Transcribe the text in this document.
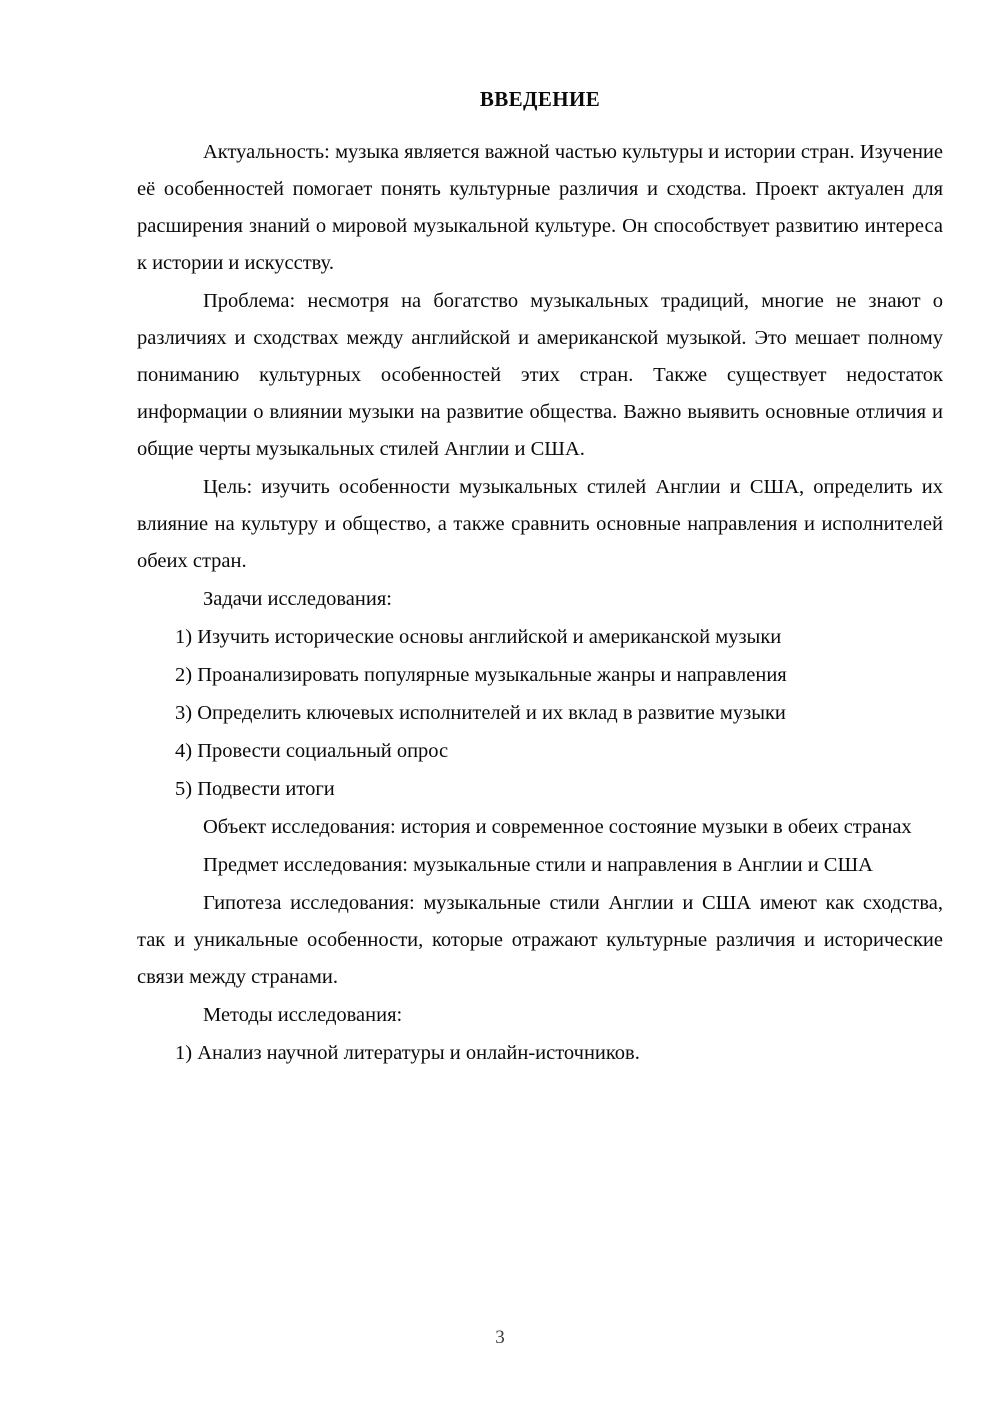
ВВЕДЕНИЕ

Актуальность: музыка является важной частью культуры и истории стран. Изучение её особенностей помогает понять культурные различия и сходства. Проект актуален для расширения знаний о мировой музыкальной культуре. Он способствует развитию интереса к истории и искусству.

Проблема: несмотря на богатство музыкальных традиций, многие не знают о различиях и сходствах между английской и американской музыкой. Это мешает полному пониманию культурных особенностей этих стран. Также существует недостаток информации о влиянии музыки на развитие общества. Важно выявить основные отличия и общие черты музыкальных стилей Англии и США.

Цель: изучить особенности музыкальных стилей Англии и США, определить их влияние на культуру и общество, а также сравнить основные направления и исполнителей обеих стран.

Задачи исследования:

1) Изучить исторические основы английской и американской музыки

2) Проанализировать популярные музыкальные жанры и направления

3) Определить ключевых исполнителей и их вклад в развитие музыки

4) Провести социальный опрос

5) Подвести итоги

Объект исследования: история и современное состояние музыки в обеих странах

Предмет исследования: музыкальные стили и направления в Англии и США

Гипотеза исследования: музыкальные стили Англии и США имеют как сходства, так и уникальные особенности, которые отражают культурные различия и исторические связи между странами.

Методы исследования:

1) Анализ научной литературы и онлайн-источников.

3
